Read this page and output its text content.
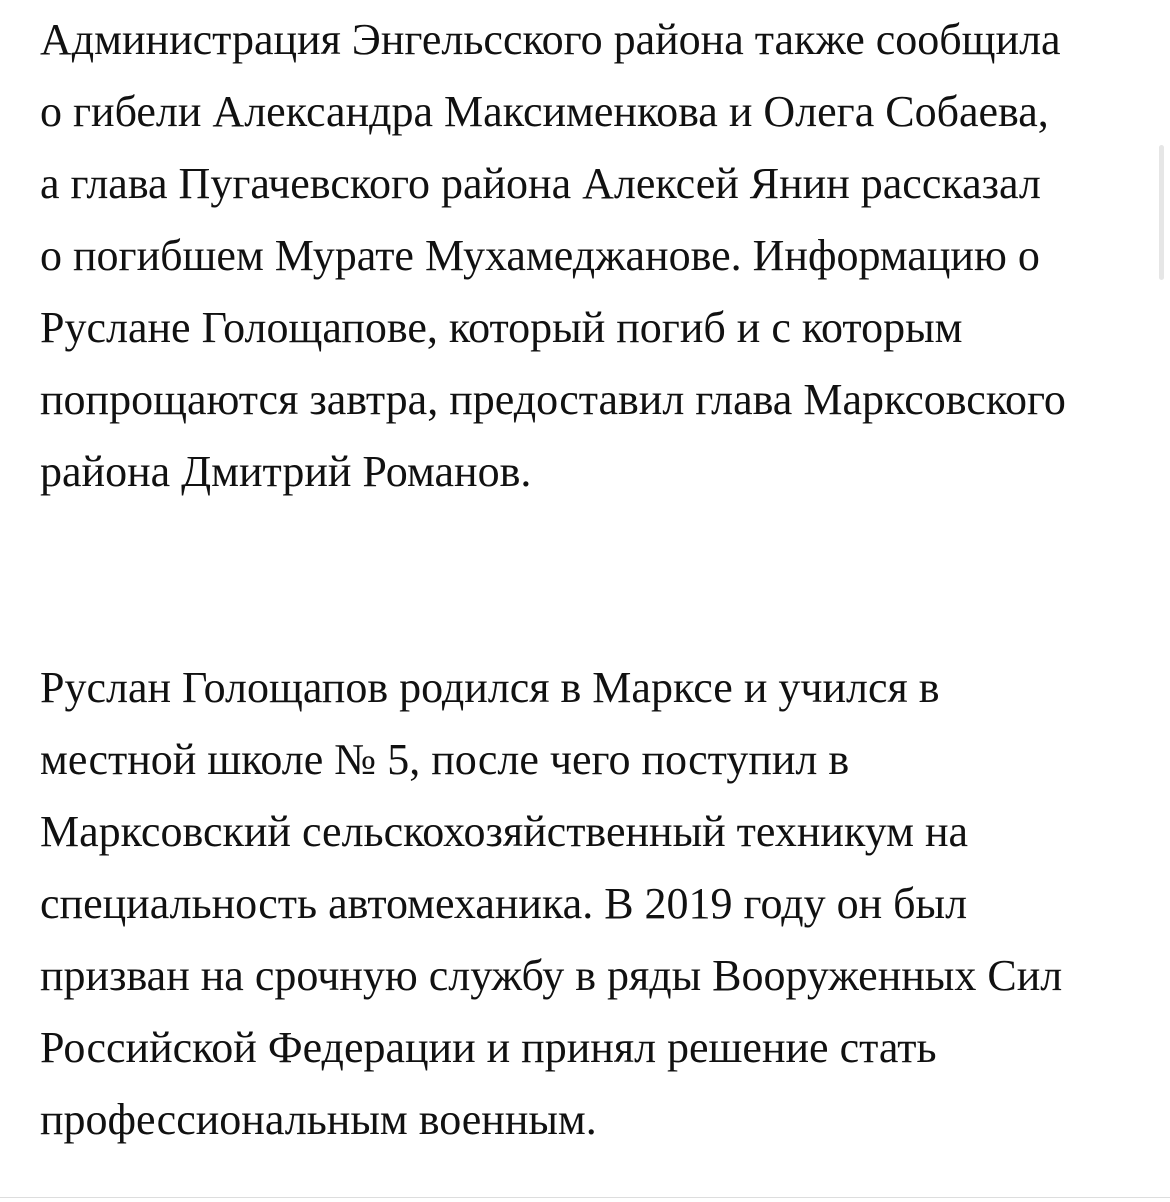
Администрация Энгельсского района также сообщила
о гибели Александра Максименкова и Олега Собаева,
а глава Пугачевского района Алексей Янин рассказал
о погибшем Мурате Мухамеджанове. Информацию о
Руслане Голощапове, который погиб и с которым
попрощаются завтра, предоставил глава Марксовского
района Дмитрий Романов.

Руслан Голощапов родился в Марксе и учился в
местной школе № 5, после чего поступил в
Марксовский сельскохозяйственный техникум на
специальность автомеханика. В 2019 году он был
призван на срочную службу в ряды Вооруженных Сил
Российской Федерации и принял решение стать
профессиональным военным.
